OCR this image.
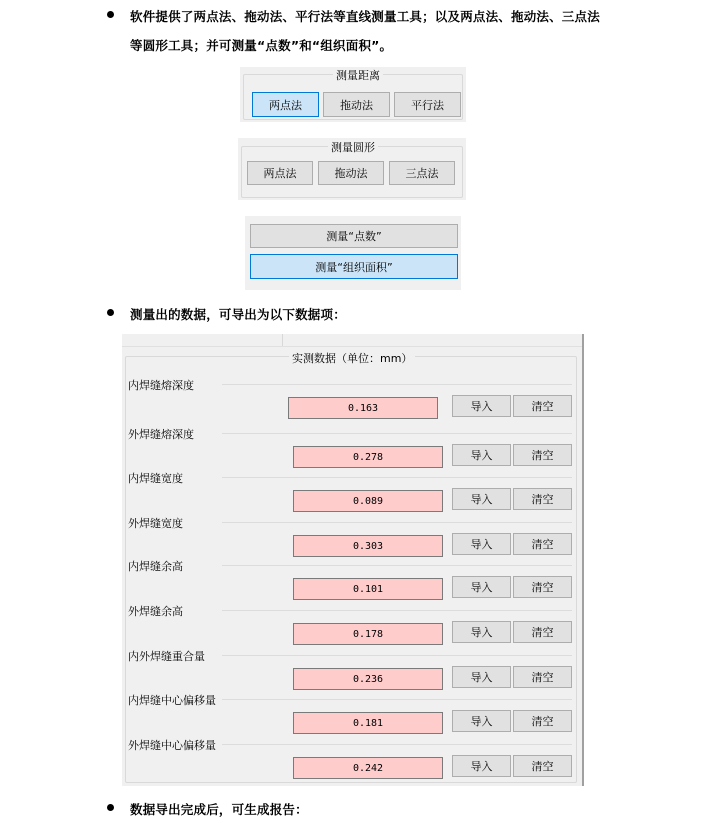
软件提供了两点法、拖动法、平行法等直线测量工具；以及两点法、拖动法、三点法
等圆形工具；并可测量“点数”和“组织面积”。
测量距离
两点法	拖动法	平行法
测量圆形
两点法	拖动法	三点法
测量“点数”
测量“组织面积”
测量出的数据，可导出为以下数据项：
实测数据（单位：mm）
内焊缝熔深度
0.163	导入	清空
外焊缝熔深度
0.278	导入	清空
内焊缝宽度
0.089	导入	清空
外焊缝宽度
0.303	导入	清空
内焊缝余高
0.101	导入	清空
外焊缝余高
0.178	导入	清空
内外焊缝重合量
0.236	导入	清空
内焊缝中心偏移量
0.181	导入	清空
外焊缝中心偏移量
0.242	导入	清空
数据导出完成后，可生成报告：
